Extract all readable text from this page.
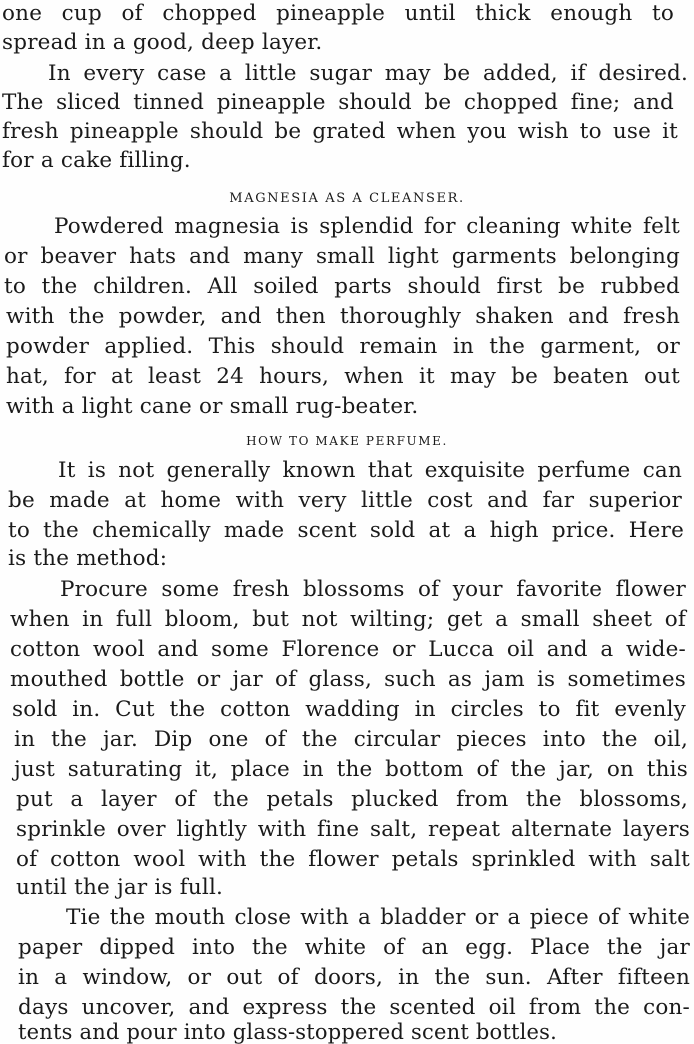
one cup of chopped pineapple until thick enough to
spread in a good, deep layer.
In every case a little sugar may be added, if desired.
The sliced tinned pineapple should be chopped fine; and
fresh pineapple should be grated when you wish to use it
for a cake filling.
MAGNESIA AS A CLEANSER.
Powdered magnesia is splendid for cleaning white felt
or beaver hats and many small light garments belonging
to the children. All soiled parts should first be rubbed
with the powder, and then thoroughly shaken and fresh
powder applied. This should remain in the garment, or
hat, for at least 24 hours, when it may be beaten out
with a light cane or small rug-beater.
HOW TO MAKE PERFUME.
It is not generally known that exquisite perfume can
be made at home with very little cost and far superior
to the chemically made scent sold at a high price. Here
is the method:
Procure some fresh blossoms of your favorite flower
when in full bloom, but not wilting; get a small sheet of
cotton wool and some Florence or Lucca oil and a wide-
mouthed bottle or jar of glass, such as jam is sometimes
sold in. Cut the cotton wadding in circles to fit evenly
in the jar. Dip one of the circular pieces into the oil,
just saturating it, place in the bottom of the jar, on this
put a layer of the petals plucked from the blossoms,
sprinkle over lightly with fine salt, repeat alternate layers
of cotton wool with the flower petals sprinkled with salt
until the jar is full.
Tie the mouth close with a bladder or a piece of white
paper dipped into the white of an egg. Place the jar
in a window, or out of doors, in the sun. After fifteen
days uncover, and express the scented oil from the con-
tents and pour into glass-stoppered scent bottles.
